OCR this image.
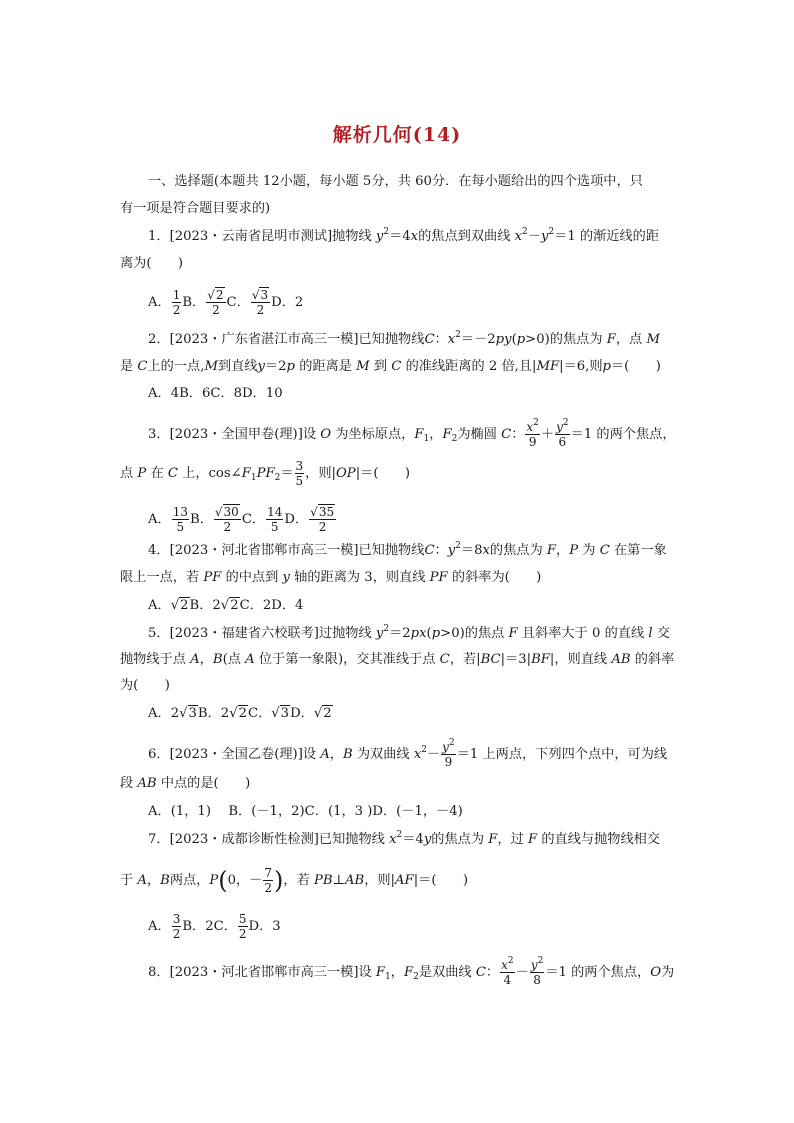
解析几何(14)
一、选择题(本题共 12小题，每小题 5分，共 60分．在每小题给出的四个选项中，只
有一项是符合题目要求的)
1．[2023・云南省昆明市测试]抛物线 $y^2=4x$的焦点到双曲线 $x^2-y^2=1$ 的渐近线的距
离为(　　)
A． $\frac{1}{2}$ B． $\frac{√2}{2}$ C． $\frac{√3}{2}$ D．2
2．[2023・广东省湛江市高三一模]已知抛物线C：$x^2=-2py(p>0)$的焦点为 F，点 M
是 C上的一点,M到直线y＝2p 的距离是 M 到 C 的准线距离的 2 倍,且|MF|＝6,则p＝(　　)
A．4B．6C．8D．10
3．[2023・全国甲卷(理)]设 O 为坐标原点，$F_1$，$F_2$为椭圆 C： $\frac{x^2}{9} + \frac{y^2}{6} =1$ 的两个焦点，
点 P 在 C 上，$\cos\angle F_1PF_2= \frac{3}{5}$ ，则|OP|＝(　　)
A． $\frac{13}{5}$ B． $\frac{√30}{2}$ C． $\frac{14}{5}$ D． $\frac{√35}{2}$
4．[2023・河北省邯郸市高三一模]已知抛物线C：$y^2=8x$的焦点为 F，P 为 C 在第一象
限上一点，若 PF 的中点到 y 轴的距离为 3，则直线 PF 的斜率为(　　)
A．√2B．2√2C．2D．4
5．[2023・福建省六校联考]过抛物线 $y^2=2px(p>0)$的焦点 F 且斜率大于 0 的直线 l 交
抛物线于点 A，B(点 A 位于第一象限)，交其准线于点 C，若|BC|＝3|BF|，则直线 AB 的斜率
为(　　)
A．2√3B．2√2C．√3D．√2
6．[2023・全国乙卷(理)]设 A，B 为双曲线 $x^2- \frac{y^2}{9} =1$ 上两点，下列四个点中，可为线
段 AB 中点的是(　　)
A．(1，1)　 B．(－1，2)C．(1，3 )D．(－1，－4)
7．[2023・成都诊断性检测]已知抛物线 $x^2=4y$的焦点为 F，过 F 的直线与抛物线相交
于 A，B两点，P(0，－ $\frac{7}{2}$ )，若 PB⊥AB，则|AF|＝(　　)
A． $\frac{3}{2}$ B．2C． $\frac{5}{2}$ D．3
8．[2023・河北省邯郸市高三一模]设 $F_1$，$F_2$是双曲线 C： $\frac{x^2}{4} - \frac{y^2}{8} =1$ 的两个焦点，O为
